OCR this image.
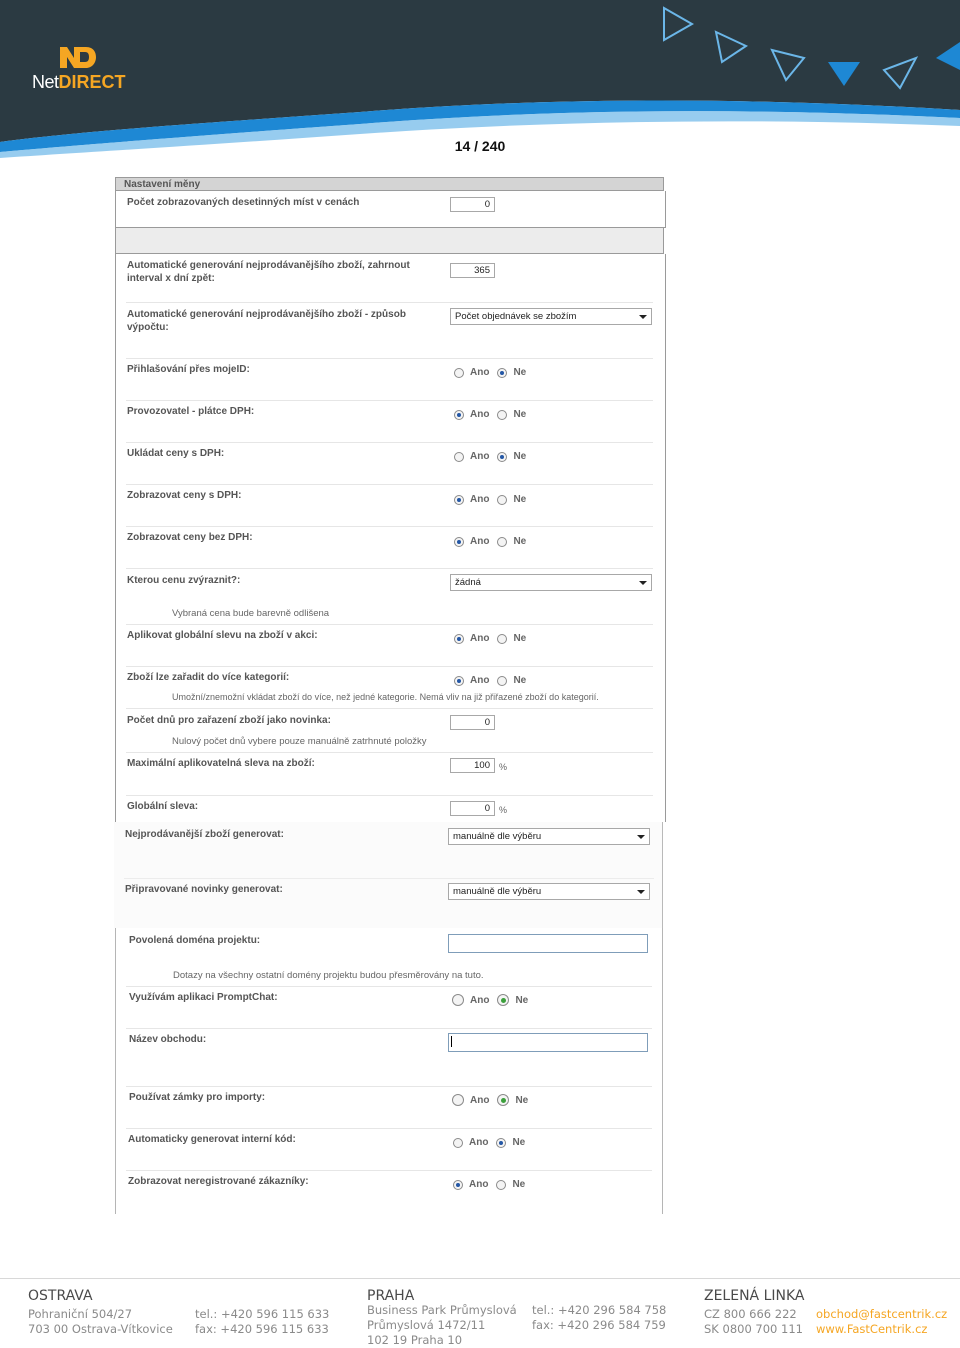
NetDIRECT
14 / 240
Nastavení měny
Počet zobrazovaných desetinných míst v cenách	0
Automatické generování nejprodávanějšího zboží, zahrnout interval x dní zpět:
365
Automatické generování nejprodávanějšího zboží - způsob výpočtu:
Počet objednávek se zbožím
Přihlašování přes mojeID:	Ano Ne
Provozovatel - plátce DPH:	Ano Ne
Ukládat ceny s DPH:	Ano Ne
Zobrazovat ceny s DPH:	Ano Ne
Zobrazovat ceny bez DPH:	Ano Ne
Kterou cenu zvýraznit?:	žádná
Vybraná cena bude barevně odlišena
Aplikovat globální slevu na zboží v akci:	Ano Ne
Zboží lze zařadit do více kategorií:	Ano Ne
Umožní/znemožní vkládat zboží do více, než jedné kategorie. Nemá vliv na již přiřazené zboží do kategorií.
Počet dnů pro zařazení zboží jako novinka:	0
Nulový počet dnů vybere pouze manuálně zatrhnuté položky
Maximální aplikovatelná sleva na zboží:	100	%
Globální sleva:	0	%
Nejprodávanější zboží generovat:	manuálně dle výběru
Připravované novinky generovat:	manuálně dle výběru
Povolená doména projektu:
Dotazy na všechny ostatní domény projektu budou přesměrovány na tuto.
Využívám aplikaci PromptChat:	Ano	Ne
Název obchodu:
Používat zámky pro importy:	Ano	Ne
Automaticky generovat interní kód:	Ano Ne
Zobrazovat neregistrované zákazníky:	Ano Ne
OSTRAVA
Pohraniční 504/27
703 00 Ostrava-Vítkovice
tel.: +420 596 115 633
fax: +420 596 115 633
PRAHA
Business Park Průmyslová
Průmyslová 1472/11
102 19 Praha 10
tel.: +420 296 584 758
fax: +420 296 584 759
ZELENÁ LINKA
CZ 800 666 222
SK 0800 700 111
obchod@fastcentrik.cz
www.FastCentrik.cz
